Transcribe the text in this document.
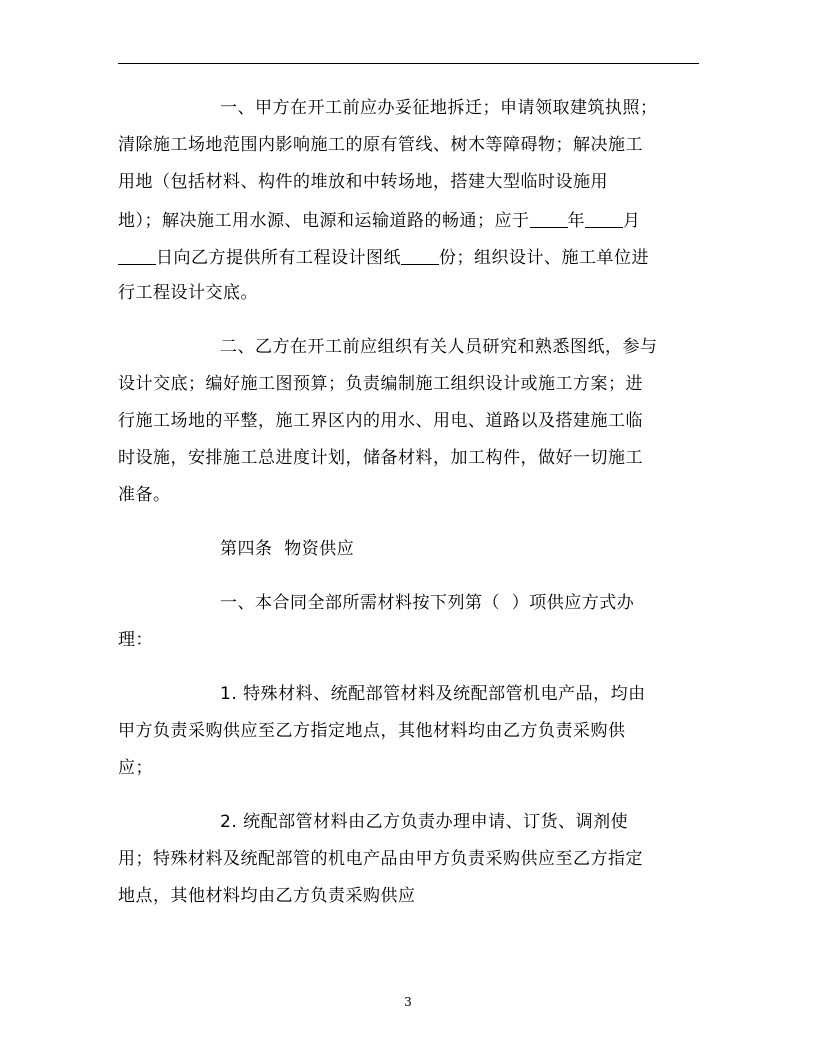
一、甲方在开工前应办妥征地拆迁；申请领取建筑执照；
清除施工场地范围内影响施工的原有管线、树木等障碍物；解决施工
用地（包括材料、构件的堆放和中转场地，搭建大型临时设施用
地）；解决施工用水源、电源和运输道路的畅通；应于 年 月
日向乙方提供所有工程设计图纸 份；组织设计、施工单位进
行工程设计交底。
二、乙方在开工前应组织有关人员研究和熟悉图纸，参与
设计交底；编好施工图预算；负责编制施工组织设计或施工方案；进
行施工场地的平整，施工界区内的用水、用电、道路以及搭建施工临
时设施，安排施工总进度计划，储备材料，加工构件，做好一切施工
准备。
第四条  物资供应
一、本合同全部所需材料按下列第（  ）项供应方式办
理：
1. 特殊材料、统配部管材料及统配部管机电产品，均由
甲方负责采购供应至乙方指定地点，其他材料均由乙方负责采购供
应；
2. 统配部管材料由乙方负责办理申请、订货、调剂使
用；特殊材料及统配部管的机电产品由甲方负责采购供应至乙方指定
地点，其他材料均由乙方负责采购供应
3
